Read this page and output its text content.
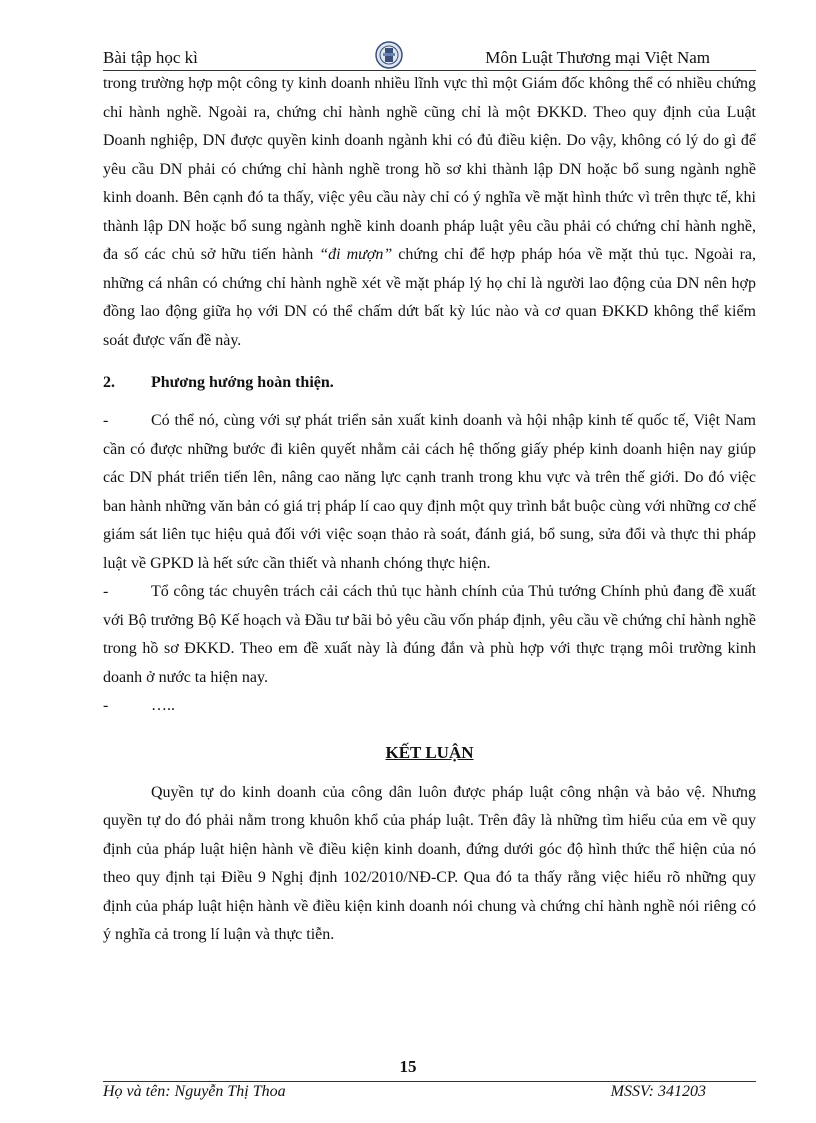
Bài tập học kì	Môn Luật Thương mại Việt Nam

trong trường hợp một công ty kinh doanh nhiều lĩnh vực thì một Giám đốc không thể có nhiều chứng chỉ hành nghề. Ngoài ra, chứng chỉ hành nghề cũng chỉ là một ĐKKD. Theo quy định của Luật Doanh nghiệp, DN được quyền kinh doanh ngành khi có đủ điều kiện. Do vậy, không có lý do gì để yêu cầu DN phải có chứng chỉ hành nghề trong hồ sơ khi thành lập DN hoặc bổ sung ngành nghề kinh doanh. Bên cạnh đó ta thấy, việc yêu cầu này chỉ có ý nghĩa về mặt hình thức vì trên thực tế, khi thành lập DN hoặc bổ sung ngành nghề kinh doanh pháp luật yêu cầu phải có chứng chỉ hành nghề, đa số các chủ sở hữu tiến hành “đi mượn” chứng chỉ để hợp pháp hóa về mặt thủ tục. Ngoài ra, những cá nhân có chứng chỉ hành nghề xét về mặt pháp lý họ chỉ là người lao động của DN nên hợp đồng lao động giữa họ với DN có thể chấm dứt bất kỳ lúc nào và cơ quan ĐKKD không thể kiểm soát được vấn đề này.

2. Phương hướng hoàn thiện.

-	Có thể nó, cùng với sự phát triển sản xuất kinh doanh và hội nhập kinh tế quốc tế, Việt Nam cần có được những bước đi kiên quyết nhằm cải cách hệ thống giấy phép kinh doanh hiện nay giúp các DN phát triển tiến lên, nâng cao năng lực cạnh tranh trong khu vực và trên thế giới. Do đó việc ban hành những văn bản có giá trị pháp lí cao quy định một quy trình bắt buộc cùng với những cơ chế giám sát liên tục hiệu quả đối với việc soạn thảo rà soát, đánh giá, bổ sung, sửa đổi và thực thi pháp luật về GPKD là hết sức cần thiết và nhanh chóng thực hiện.

-	Tổ công tác chuyên trách cải cách thủ tục hành chính của Thủ tướng Chính phủ đang đề xuất với Bộ trưởng Bộ Kế hoạch và Đầu tư bãi bỏ yêu cầu vốn pháp định, yêu cầu về chứng chỉ hành nghề trong hồ sơ ĐKKD. Theo em đề xuất này là đúng đắn và phù hợp với thực trạng môi trường kinh doanh ở nước ta hiện nay.

-	…..

KẾT LUẬN

Quyền tự do kinh doanh của công dân luôn được pháp luật công nhận và bảo vệ. Nhưng quyền tự do đó phải nằm trong khuôn khổ của pháp luật. Trên đây là những tìm hiểu của em về quy định của pháp luật hiện hành về điều kiện kinh doanh, đứng dưới góc độ hình thức thể hiện của nó theo quy định tại Điều 9 Nghị định 102/2010/NĐ-CP. Qua đó ta thấy rằng việc hiểu rõ những quy định của pháp luật hiện hành về điều kiện kinh doanh nói chung và chứng chỉ hành nghề nói riêng có ý nghĩa cả trong lí luận và thực tiễn.

15
Họ và tên: Nguyễn Thị Thoa	MSSV: 341203
